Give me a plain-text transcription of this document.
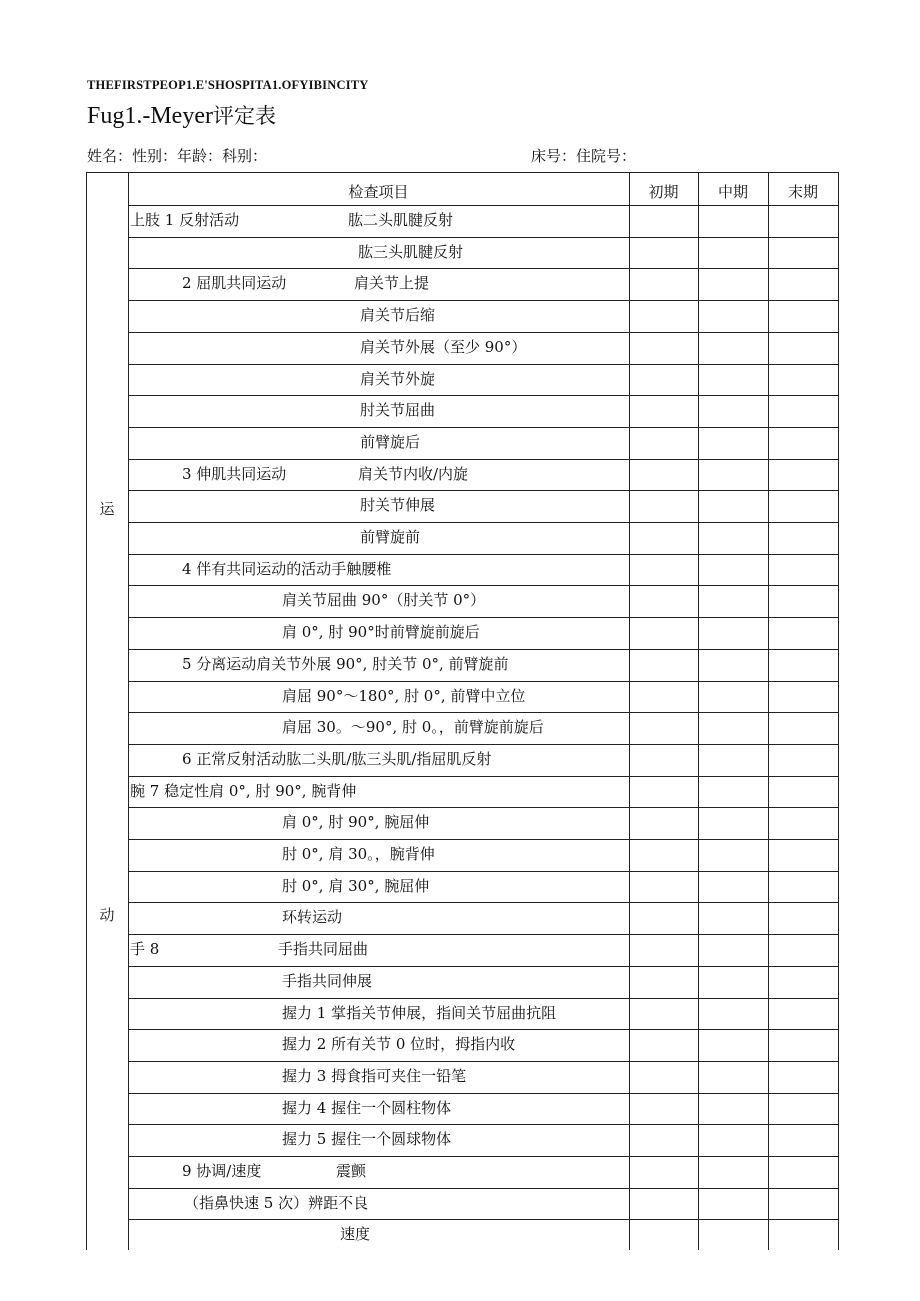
THEFIRSTPEOP1.E'SHOSPITA1.OFYIBINCITY
Fug1.-Meyer评定表
姓名：性别：年龄：科别：	床号：住院号：
检查项目	初期	中期	末期
运
动
上肢 1 反射活动	肱二头肌腱反射
肱三头肌腱反射
2 屈肌共同运动	肩关节上提
肩关节后缩
肩关节外展（至少 90°）
肩关节外旋
肘关节屈曲
前臂旋后
3 伸肌共同运动	肩关节内收/内旋
肘关节伸展
前臂旋前
4 伴有共同运动的活动手触腰椎
肩关节屈曲 90°（肘关节 0°）
肩 0°, 肘 90°时前臂旋前旋后
5 分离运动肩关节外展 90°, 肘关节 0°, 前臂旋前
肩屈 90°～180°, 肘 0°, 前臂中立位
肩屈 30。～90°, 肘 0。，前臂旋前旋后
6 正常反射活动肱二头肌/肱三头肌/指屈肌反射
腕 7 稳定性肩 0°, 肘 90°, 腕背伸
肩 0°, 肘 90°, 腕屈伸
肘 0°, 肩 30。，腕背伸
肘 0°, 肩 30°, 腕屈伸
环转运动
手 8	手指共同屈曲
手指共同伸展
握力 1 掌指关节伸展，指间关节屈曲抗阻
握力 2 所有关节 0 位时，拇指内收
握力 3 拇食指可夹住一铅笔
握力 4 握住一个圆柱物体
握力 5 握住一个圆球物体
9 协调/速度	震颤
（指鼻快速 5 次）辨距不良
速度
